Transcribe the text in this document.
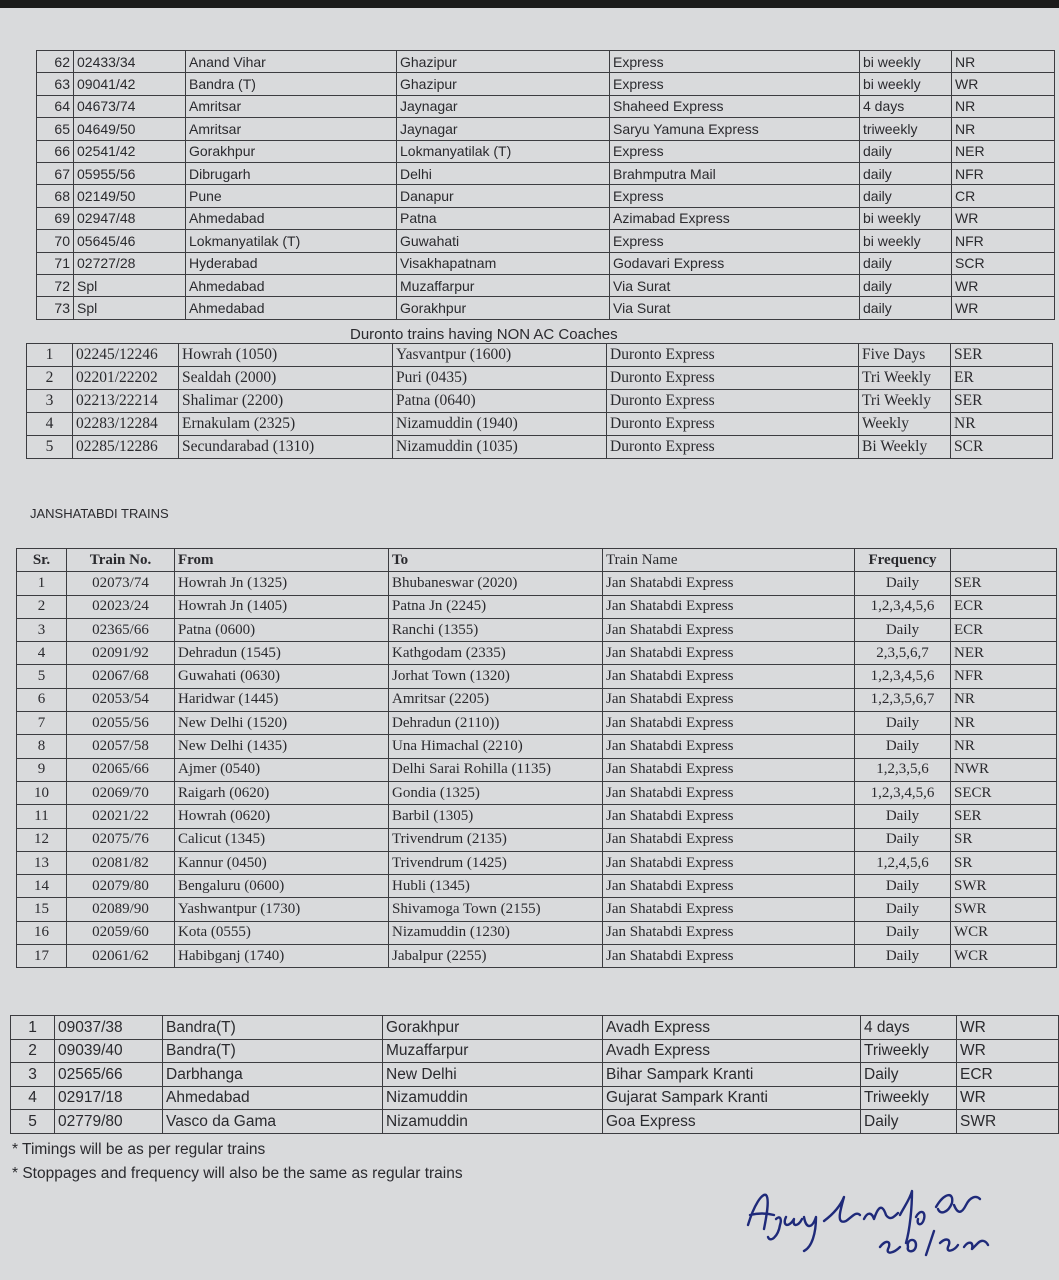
62	02433/34	Anand Vihar	Ghazipur	Express	bi weekly	NR
63	09041/42	Bandra (T)	Ghazipur	Express	bi weekly	WR
64	04673/74	Amritsar	Jaynagar	Shaheed Express	4 days	NR
65	04649/50	Amritsar	Jaynagar	Saryu Yamuna Express	triweekly	NR
66	02541/42	Gorakhpur	Lokmanyatilak (T)	Express	daily	NER
67	05955/56	Dibrugarh	Delhi	Brahmputra Mail	daily	NFR
68	02149/50	Pune	Danapur	Express	daily	CR
69	02947/48	Ahmedabad	Patna	Azimabad Express	bi weekly	WR
70	05645/46	Lokmanyatilak (T)	Guwahati	Express	bi weekly	NFR
71	02727/28	Hyderabad	Visakhapatnam	Godavari Express	daily	SCR
72	Spl	Ahmedabad	Muzaffarpur	Via Surat	daily	WR
73	Spl	Ahmedabad	Gorakhpur	Via Surat	daily	WR
Duronto trains having NON AC Coaches
1	02245/12246	Howrah (1050)	Yasvantpur (1600)	Duronto Express	Five Days	SER
2	02201/22202	Sealdah (2000)	Puri (0435)	Duronto Express	Tri Weekly	ER
3	02213/22214	Shalimar (2200)	Patna (0640)	Duronto Express	Tri Weekly	SER
4	02283/12284	Ernakulam (2325)	Nizamuddin (1940)	Duronto Express	Weekly	NR
5	02285/12286	Secundarabad (1310)	Nizamuddin (1035)	Duronto Express	Bi Weekly	SCR
JANSHATABDI TRAINS
Sr.	Train No.	From	To	Train Name	Frequency	
1	02073/74	Howrah Jn (1325)	Bhubaneswar (2020)	Jan Shatabdi Express	Daily	SER
2	02023/24	Howrah Jn (1405)	Patna Jn (2245)	Jan Shatabdi Express	1,2,3,4,5,6	ECR
3	02365/66	Patna (0600)	Ranchi (1355)	Jan Shatabdi Express	Daily	ECR
4	02091/92	Dehradun (1545)	Kathgodam (2335)	Jan Shatabdi Express	2,3,5,6,7	NER
5	02067/68	Guwahati (0630)	Jorhat Town (1320)	Jan Shatabdi Express	1,2,3,4,5,6	NFR
6	02053/54	Haridwar (1445)	Amritsar (2205)	Jan Shatabdi Express	1,2,3,5,6,7	NR
7	02055/56	New Delhi (1520)	Dehradun (2110))	Jan Shatabdi Express	Daily	NR
8	02057/58	New Delhi (1435)	Una Himachal (2210)	Jan Shatabdi Express	Daily	NR
9	02065/66	Ajmer (0540)	Delhi Sarai Rohilla (1135)	Jan Shatabdi Express	1,2,3,5,6	NWR
10	02069/70	Raigarh (0620)	Gondia (1325)	Jan Shatabdi Express	1,2,3,4,5,6	SECR
11	02021/22	Howrah (0620)	Barbil (1305)	Jan Shatabdi Express	Daily	SER
12	02075/76	Calicut (1345)	Trivendrum (2135)	Jan Shatabdi Express	Daily	SR
13	02081/82	Kannur (0450)	Trivendrum (1425)	Jan Shatabdi Express	1,2,4,5,6	SR
14	02079/80	Bengaluru (0600)	Hubli (1345)	Jan Shatabdi Express	Daily	SWR
15	02089/90	Yashwantpur (1730)	Shivamoga Town (2155)	Jan Shatabdi Express	Daily	SWR
16	02059/60	Kota (0555)	Nizamuddin (1230)	Jan Shatabdi Express	Daily	WCR
17	02061/62	Habibganj (1740)	Jabalpur (2255)	Jan Shatabdi Express	Daily	WCR
1	09037/38	Bandra(T)	Gorakhpur	Avadh Express	4 days	WR
2	09039/40	Bandra(T)	Muzaffarpur	Avadh Express	Triweekly	WR
3	02565/66	Darbhanga	New Delhi	Bihar Sampark Kranti	Daily	ECR
4	02917/18	Ahmedabad	Nizamuddin	Gujarat Sampark Kranti	Triweekly	WR
5	02779/80	Vasco da Gama	Nizamuddin	Goa Express	Daily	SWR
* Timings will be as per regular trains
* Stoppages and frequency will also be the same as regular trains
